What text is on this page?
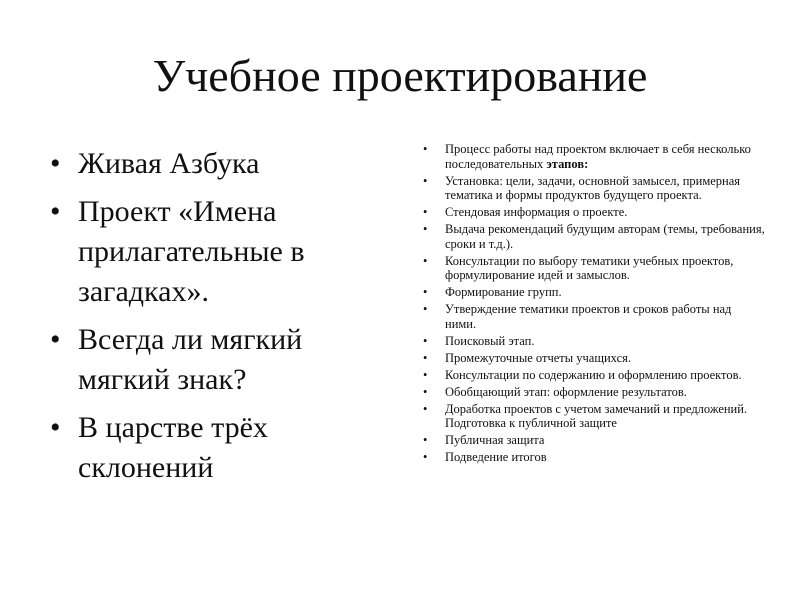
Учебное проектирование
• Живая Азбука
• Проект «Имена прилагательные в загадках».
• Всегда ли мягкий мягкий знак?
• В царстве трёх склонений
• Процесс работы над проектом включает в себя несколько последовательных этапов:
• Установка: цели, задачи, основной замысел, примерная тематика и формы продуктов будущего проекта.
• Стендовая информация о проекте.
• Выдача рекомендаций будущим авторам (темы, требования, сроки и т.д.).
• Консультации по выбору тематики учебных проектов, формулирование идей и замыслов.
• Формирование групп.
• Утверждение тематики проектов и сроков работы над ними.
• Поисковый этап.
• Промежуточные отчеты учащихся.
• Консультации по содержанию и оформлению проектов.
• Обобщающий этап: оформление результатов.
• Доработка проектов с учетом замечаний и предложений. Подготовка к публичной защите
• Публичная защита
• Подведение итогов
